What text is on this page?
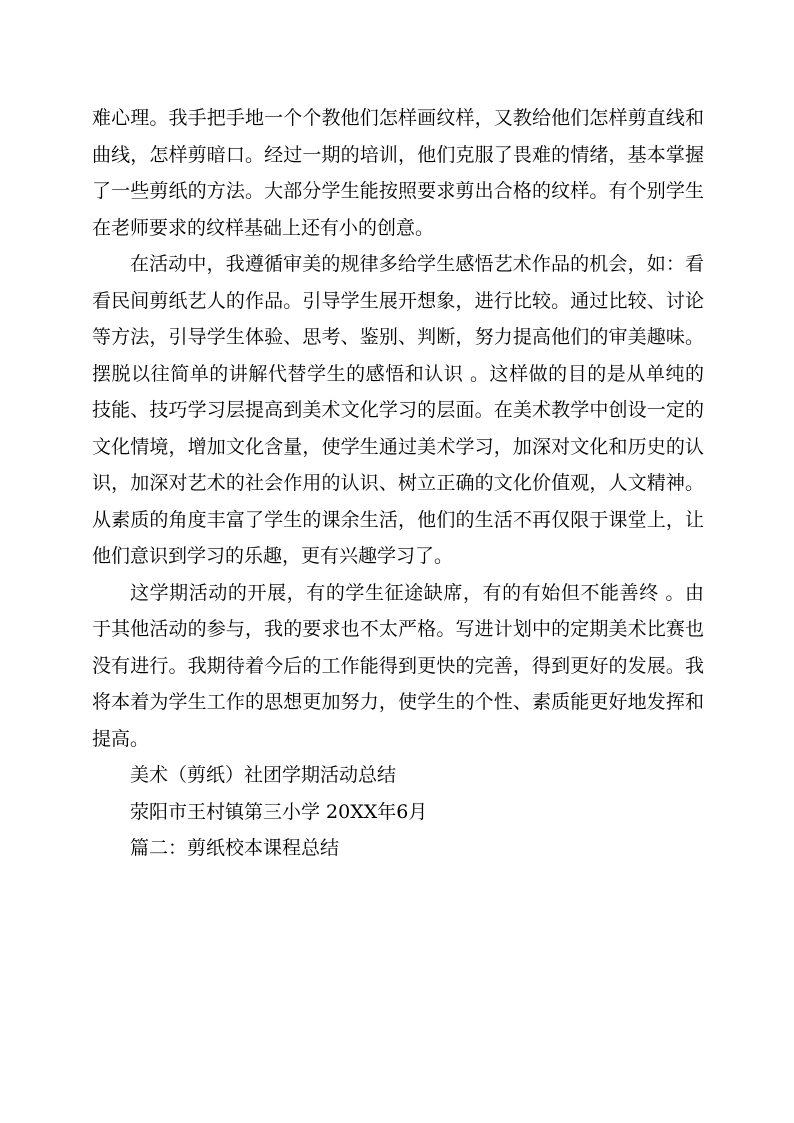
难心理。我手把手地一个个教他们怎样画纹样，又教给他们怎样剪直线和曲线，怎样剪暗口。经过一期的培训，他们克服了畏难的情绪，基本掌握了一些剪纸的方法。大部分学生能按照要求剪出合格的纹样。有个别学生在老师要求的纹样基础上还有小的创意。

在活动中，我遵循审美的规律多给学生感悟艺术作品的机会，如：看看民间剪纸艺人的作品。引导学生展开想象，进行比较。通过比较、讨论等方法，引导学生体验、思考、鉴别、判断，努力提高他们的审美趣味。摆脱以往简单的讲解代替学生的感悟和认识 。这样做的目的是从单纯的技能、技巧学习层提高到美术文化学习的层面。在美术教学中创设一定的文化情境，增加文化含量，使学生通过美术学习，加深对文化和历史的认识，加深对艺术的社会作用的认识、树立正确的文化价值观，人文精神。从素质的角度丰富了学生的课余生活，他们的生活不再仅限于课堂上，让他们意识到学习的乐趣，更有兴趣学习了。

这学期活动的开展，有的学生征途缺席，有的有始但不能善终 。由于其他活动的参与，我的要求也不太严格。写进计划中的定期美术比赛也没有进行。我期待着今后的工作能得到更快的完善，得到更好的发展。我将本着为学生工作的思想更加努力，使学生的个性、素质能更好地发挥和提高。

美术（剪纸）社团学期活动总结
荥阳市王村镇第三小学 20XX年6月
篇二：剪纸校本课程总结
